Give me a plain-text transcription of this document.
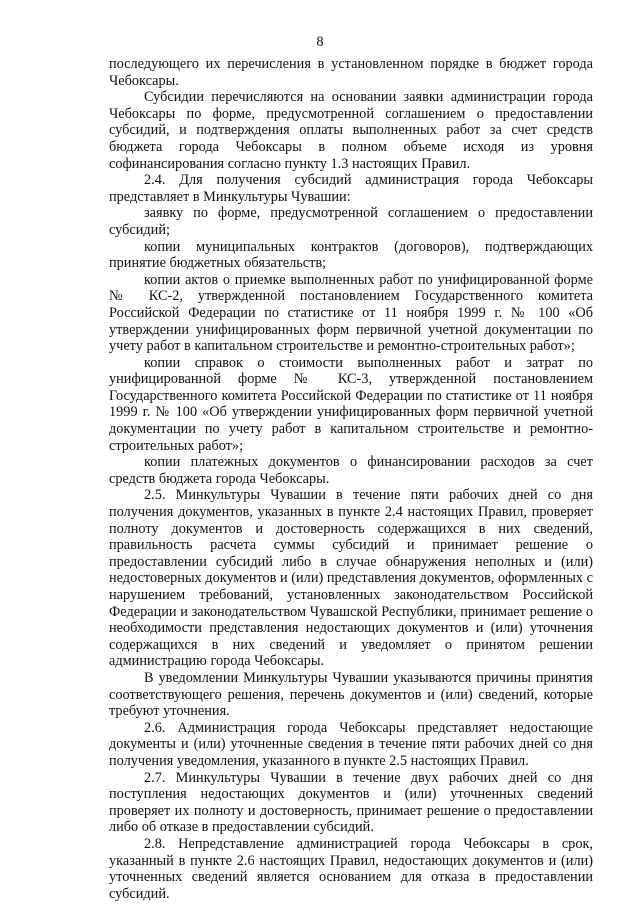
8

последующего их перечисления в установленном порядке в бюджет города Чебоксары.

Субсидии перечисляются на основании заявки администрации города Чебоксары по форме, предусмотренной соглашением о предоставлении субсидий, и подтверждения оплаты выполненных работ за счет средств бюджета города Чебоксары в полном объеме исходя из уровня софинансирования согласно пункту 1.3 настоящих Правил.

2.4. Для получения субсидий администрация города Чебоксары представляет в Минкультуры Чувашии:

заявку по форме, предусмотренной соглашением о предоставлении субсидий;

копии муниципальных контрактов (договоров), подтверждающих принятие бюджетных обязательств;

копии актов о приемке выполненных работ по унифицированной форме № КС-2, утвержденной постановлением Государственного комитета Российской Федерации по статистике от 11 ноября 1999 г. № 100 «Об утверждении унифицированных форм первичной учетной документации по учету работ в капитальном строительстве и ремонтно-строительных работ»;

копии справок о стоимости выполненных работ и затрат по унифицированной форме № КС-3, утвержденной постановлением Государственного комитета Российской Федерации по статистике от 11 ноября 1999 г. № 100 «Об утверждении унифицированных форм первичной учетной документации по учету работ в капитальном строительстве и ремонтно-строительных работ»;

копии платежных документов о финансировании расходов за счет средств бюджета города Чебоксары.

2.5. Минкультуры Чувашии в течение пяти рабочих дней со дня получения документов, указанных в пункте 2.4 настоящих Правил, проверяет полноту документов и достоверность содержащихся в них сведений, правильность расчета суммы субсидий и принимает решение о предоставлении субсидий либо в случае обнаружения неполных и (или) недостоверных документов и (или) представления документов, оформленных с нарушением требований, установленных законодательством Российской Федерации и законодательством Чувашской Республики, принимает решение о необходимости представления недостающих документов и (или) уточнения содержащихся в них сведений и уведомляет о принятом решении администрацию города Чебоксары.

В уведомлении Минкультуры Чувашии указываются причины принятия соответствующего решения, перечень документов и (или) сведений, которые требуют уточнения.

2.6. Администрация города Чебоксары представляет недостающие документы и (или) уточненные сведения в течение пяти рабочих дней со дня получения уведомления, указанного в пункте 2.5 настоящих Правил.

2.7. Минкультуры Чувашии в течение двух рабочих дней со дня поступления недостающих документов и (или) уточненных сведений проверяет их полноту и достоверность, принимает решение о предоставлении либо об отказе в предоставлении субсидий.

2.8. Непредставление администрацией города Чебоксары в срок, указанный в пункте 2.6 настоящих Правил, недостающих документов и (или) уточненных сведений является основанием для отказа в предоставлении субсидий.
